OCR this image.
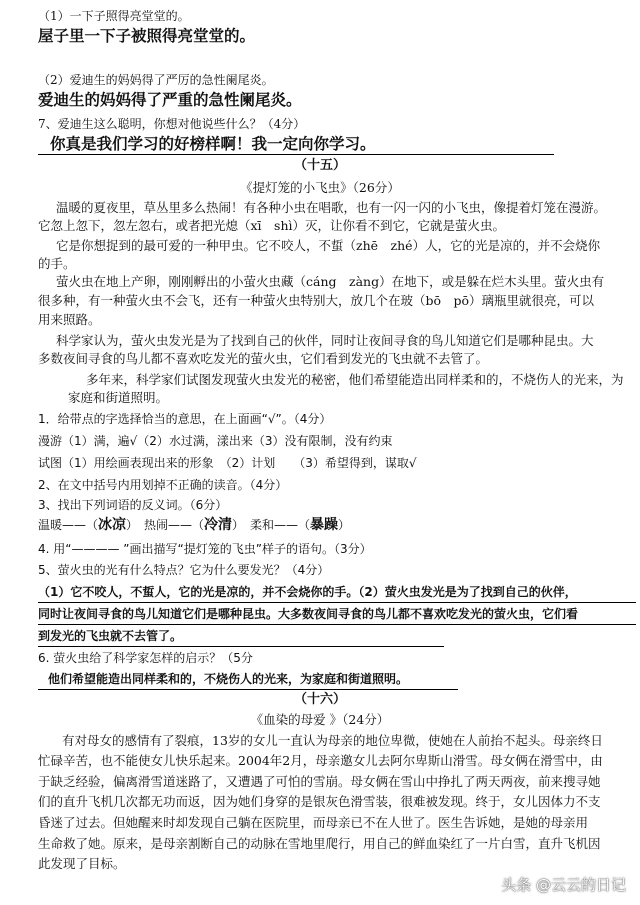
（1）一下子照得亮堂堂的。
屋子里一下子被照得亮堂堂的。
（2）爱迪生的妈妈得了严厉的急性阑尾炎。
爱迪生的妈妈得了严重的急性阑尾炎。
7、爱迪生这么聪明，你想对他说些什么？（4分）
你真是我们学习的好榜样啊！我一定向你学习。
（十五）
《提灯笼的小飞虫》（26分）
温暖的夏夜里，草丛里多么热闹！有各种小虫在唱歌，也有一闪一闪的小飞虫，像提着灯笼在漫游。
它忽上忽下，忽左忽右，或者把光熄（xī　shì）灭，让你看不到它，它就是萤火虫。
它是你想捉到的最可爱的一种甲虫。它不咬人，不蜇（zhē　zhé）人，它的光是凉的，并不会烧你
的手。
萤火虫在地上产卵，刚刚孵出的小萤火虫藏（cáng　zàng）在地下，或是躲在烂木头里。萤火虫有
很多种，有一种萤火虫不会飞，还有一种萤火虫特别大，放几个在玻（bō　pō）璃瓶里就很亮，可以
用来照路。
科学家认为，萤火虫发光是为了找到自己的伙伴，同时让夜间寻食的鸟儿知道它们是哪种昆虫。大
多数夜间寻食的鸟儿都不喜欢吃发光的萤火虫，它们看到发光的飞虫就不去管了。
多年来，科学家们试图发现萤火虫发光的秘密，他们希望能造出同样柔和的，不烧伤人的光来，为
家庭和街道照明。
1．给带点的字选择恰当的意思，在上面画“√”。（4分）
漫游（1）满，遍√（2）水过满，漾出来（3）没有限制，没有约束
试图（1）用绘画表现出来的形象　（2）计划　　（3）希望得到，谋取√
2、在文中括号内用划掉不正确的读音。（4分）
3、找出下列词语的反义词。（6分）
温暖——（冰凉）　热闹——（冷清）　柔和——（暴躁）
4. 用“———— ”画出描写“提灯笼的飞虫”样子的语句。（3分）
5、萤火虫的光有什么特点？它为什么要发光？（4分）
（1）它不咬人，不蜇人，它的光是凉的，并不会烧你的手。（2）萤火虫发光是为了找到自己的伙伴，
同时让夜间寻食的鸟儿知道它们是哪种昆虫。大多数夜间寻食的鸟儿都不喜欢吃发光的萤火虫，它们看
到发光的飞虫就不去管了。
6. 萤火虫给了科学家怎样的启示？（5分
他们希望能造出同样柔和的，不烧伤人的光来，为家庭和街道照明。
（十六）
《血染的母爱 》（24分）
有对母女的感情有了裂痕，13岁的女儿一直认为母亲的地位卑微，使她在人前抬不起头。母亲终日
忙碌辛苦，也不能使女儿快乐起来。2004年2月，母亲邀女儿去阿尔卑斯山滑雪。母女俩在滑雪中，由
于缺乏经验，偏离滑雪道迷路了，又遭遇了可怕的雪崩。母女俩在雪山中挣扎了两天两夜，前来搜寻她
们的直升飞机几次都无功而返，因为她们身穿的是银灰色滑雪装，很难被发现。终于，女儿因体力不支
昏迷了过去。但她醒来时却发现自己躺在医院里，而母亲已不在人世了。医生告诉她，是她的母亲用
生命救了她。原来，是母亲割断自己的动脉在雪地里爬行，用自己的鲜血染红了一片白雪，直升飞机因
此发现了目标。
头条 @云云的日记
